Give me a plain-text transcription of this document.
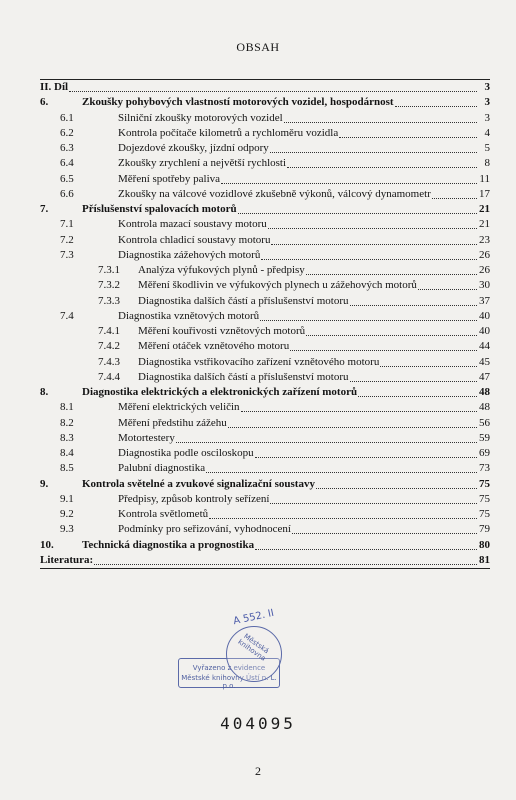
OBSAH
II. Díl	3
6.	Zkoušky pohybových vlastností motorových vozidel, hospodárnost	3
6.1	Silniční zkoušky motorových vozidel	3
6.2	Kontrola počítače kilometrů a rychloměru vozidla	4
6.3	Dojezdové zkoušky, jízdní odpory	5
6.4	Zkoušky zrychlení a největší rychlosti	8
6.5	Měření spotřeby paliva	11
6.6	Zkoušky na válcové vozidlové zkušebně výkonů, válcový dynamometr	17
7.	Příslušenství spalovacích motorů	21
7.1	Kontrola mazací soustavy motoru	21
7.2	Kontrola chladicí soustavy motoru	23
7.3	Diagnostika zážehových motorů	26
7.3.1	Analýza výfukových plynů - předpisy	26
7.3.2	Měření škodlivin ve výfukových plynech u zážehových motorů	30
7.3.3	Diagnostika dalších částí a příslušenství motoru	37
7.4	Diagnostika vznětových motorů	40
7.4.1	Měření kouřivosti vznětových motorů	40
7.4.2	Měření otáček vznětového motoru	44
7.4.3	Diagnostika vstřikovacího zařízení vznětového motoru	45
7.4.4	Diagnostika dalších částí a příslušenství motoru	47
8.	Diagnostika elektrických a elektronických zařízení motorů	48
8.1	Měření elektrických veličin	48
8.2	Měření předstihu zážehu	56
8.3	Motortestery	59
8.4	Diagnostika podle osciloskopu	69
8.5	Palubní diagnostika	73
9.	Kontrola světelné a zvukové signalizační soustavy	75
9.1	Předpisy, způsob kontroly seřízení	75
9.2	Kontrola světlometů	75
9.3	Podmínky pro seřizování, vyhodnocení	79
10.	Technická diagnostika a prognostika	80
Literatura:	81
A 552. II
Vyřazeno z evidence
Městské knihovny Ústí n. L. p.o.
Městská knihovna
404095
2
